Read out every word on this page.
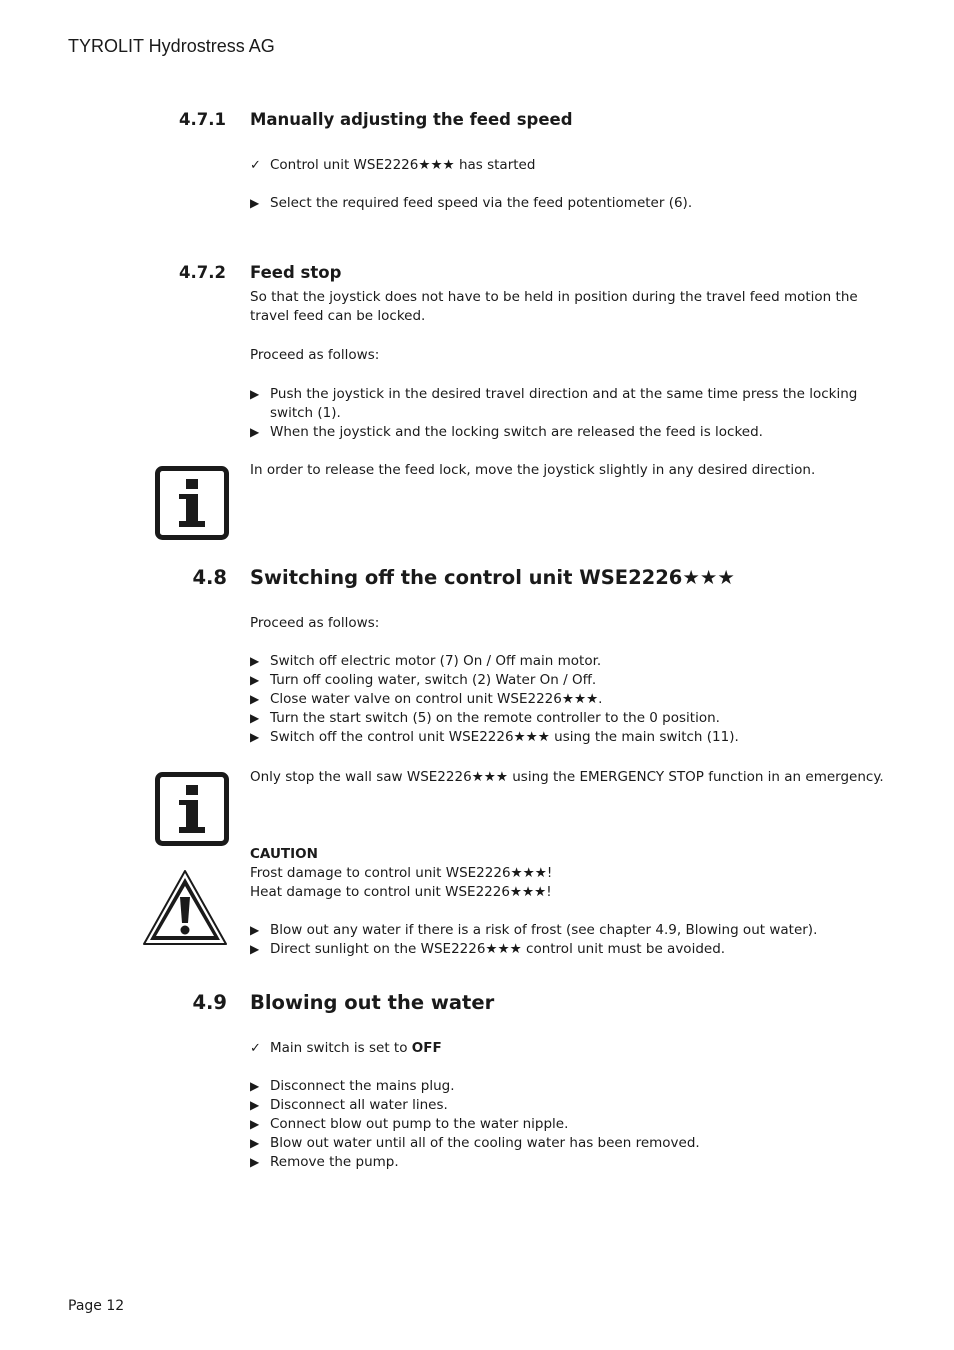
TYROLIT Hydrostress AG
4.7.1 Manually adjusting the feed speed
✓ Control unit WSE2226★★★ has started
▶ Select the required feed speed via the feed potentiometer (6).
4.7.2 Feed stop
So that the joystick does not have to be held in position during the travel feed motion the travel feed can be locked.
Proceed as follows:
▶ Push the joystick in the desired travel direction and at the same time press the locking switch (1).
▶ When the joystick and the locking switch are released the feed is locked.
In order to release the feed lock, move the joystick slightly in any desired direction.
4.8 Switching off the control unit WSE2226★★★
Proceed as follows:
▶ Switch off electric motor (7) On / Off main motor.
▶ Turn off cooling water, switch (2) Water On / Off.
▶ Close water valve on control unit WSE2226★★★.
▶ Turn the start switch (5) on the remote controller to the 0 position.
▶ Switch off the control unit WSE2226★★★ using the main switch (11).
Only stop the wall saw WSE2226★★★ using the EMERGENCY STOP function in an emergency.
CAUTION
Frost damage to control unit WSE2226★★★!
Heat damage to control unit WSE2226★★★!
▶ Blow out any water if there is a risk of frost (see chapter 4.9, Blowing out water).
▶ Direct sunlight on the WSE2226★★★ control unit must be avoided.
4.9 Blowing out the water
✓ Main switch is set to OFF
▶ Disconnect the mains plug.
▶ Disconnect all water lines.
▶ Connect blow out pump to the water nipple.
▶ Blow out water until all of the cooling water has been removed.
▶ Remove the pump.
Page 12
